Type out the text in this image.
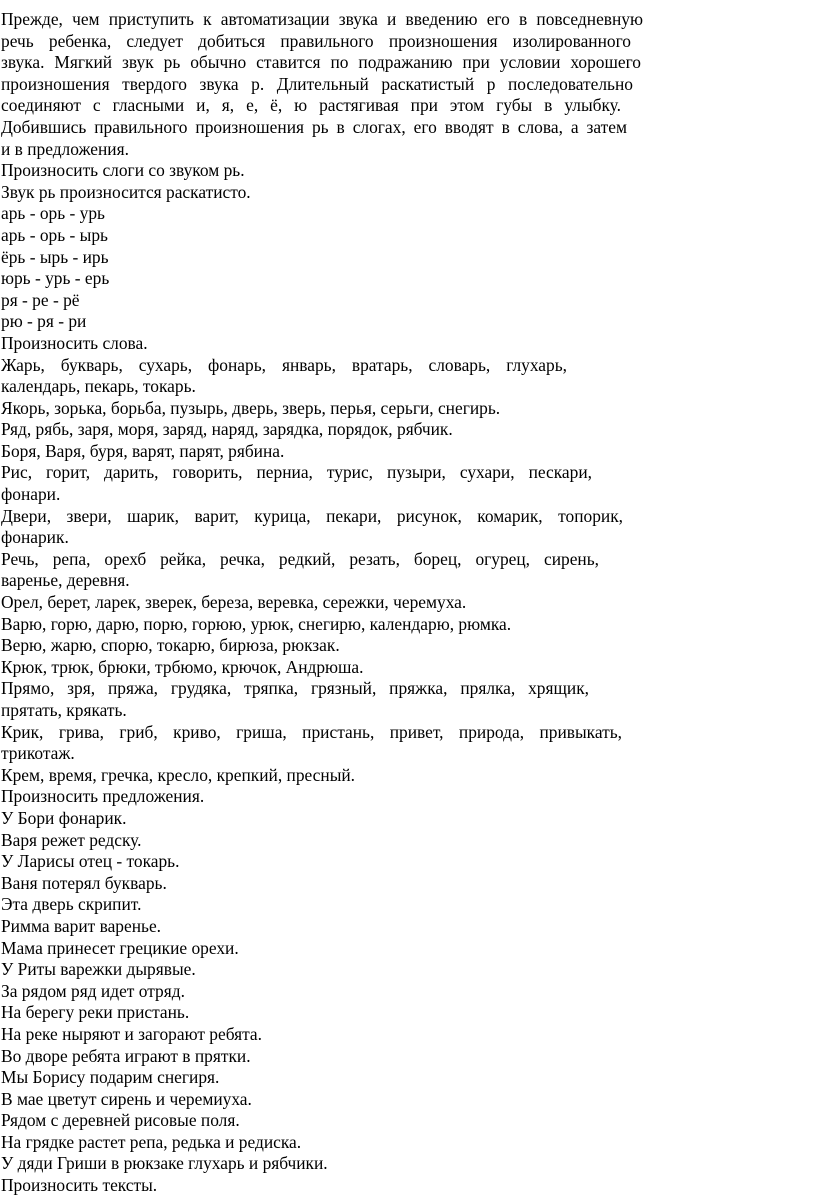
Прежде, чем приступить к автоматизации звука и введению его в повседневную
речь ребенка, следует добиться правильного произношения изолированного
звука. Мягкий звук рь обычно ставится по подражанию при условии хорошего
произношения твердого звука р. Длительный раскатистый р последовательно
соединяют с гласными и, я, е, ё, ю растягивая при этом губы в улыбку.
Добившись правильного произношения рь в слогах, его вводят в слова, а затем
и в предложения.
Произносить слоги со звуком рь.
Звук рь произносится раскатисто.
арь - орь - урь
арь - орь - ырь
ёрь - ырь - ирь
юрь - урь - ерь
ря - ре - рё
рю - ря - ри
Произносить слова.
Жарь, букварь, сухарь, фонарь, январь, вратарь, словарь, глухарь,
календарь, пекарь, токарь.
Якорь, зорька, борьба, пузырь, дверь, зверь, перья, серьги, снегирь.
Ряд, рябь, заря, моря, заряд, наряд, зарядка, порядок, рябчик.
Боря, Варя, буря, варят, парят, рябина.
Рис, горит, дарить, говорить, перниа, турис, пузыри, сухари, пескари,
фонари.
Двери, звери, шарик, варит, курица, пекари, рисунок, комарик, топорик,
фонарик.
Речь, репа, орехб рейка, речка, редкий, резать, борец, огурец, сирень,
варенье, деревня.
Орел, берет, ларек, зверек, береза, веревка, сережки, черемуха.
Варю, горю, дарю, порю, горюю, урюк, снегирю, календарю, рюмка.
Верю, жарю, спорю, токарю, бирюза, рюкзак.
Крюк, трюк, брюки, трбюмо, крючок, Андрюша.
Прямо, зря, пряжа, грудяка, тряпка, грязный, пряжка, прялка, хрящик,
прятать, крякать.
Крик, грива, гриб, криво, гриша, пристань, привет, природа, привыкать,
трикотаж.
Крем, время, гречка, кресло, крепкий, пресный.
Произносить предложения.
У Бори фонарик.
Варя режет редску.
У Ларисы отец - токарь.
Ваня потерял букварь.
Эта дверь скрипит.
Римма варит варенье.
Мама принесет грецикие орехи.
У Риты варежки дырявые.
За рядом ряд идет отряд.
На берегу реки пристань.
На реке ныряют и загорают ребята.
Во дворе ребята играют в прятки.
Мы Борису подарим снегиря.
В мае цветут сирень и черемиуха.
Рядом с деревней рисовые поля.
На грядке растет репа, редька и редиска.
У дяди Гриши в рюкзаке глухарь и рябчики.
Произносить тексты.
